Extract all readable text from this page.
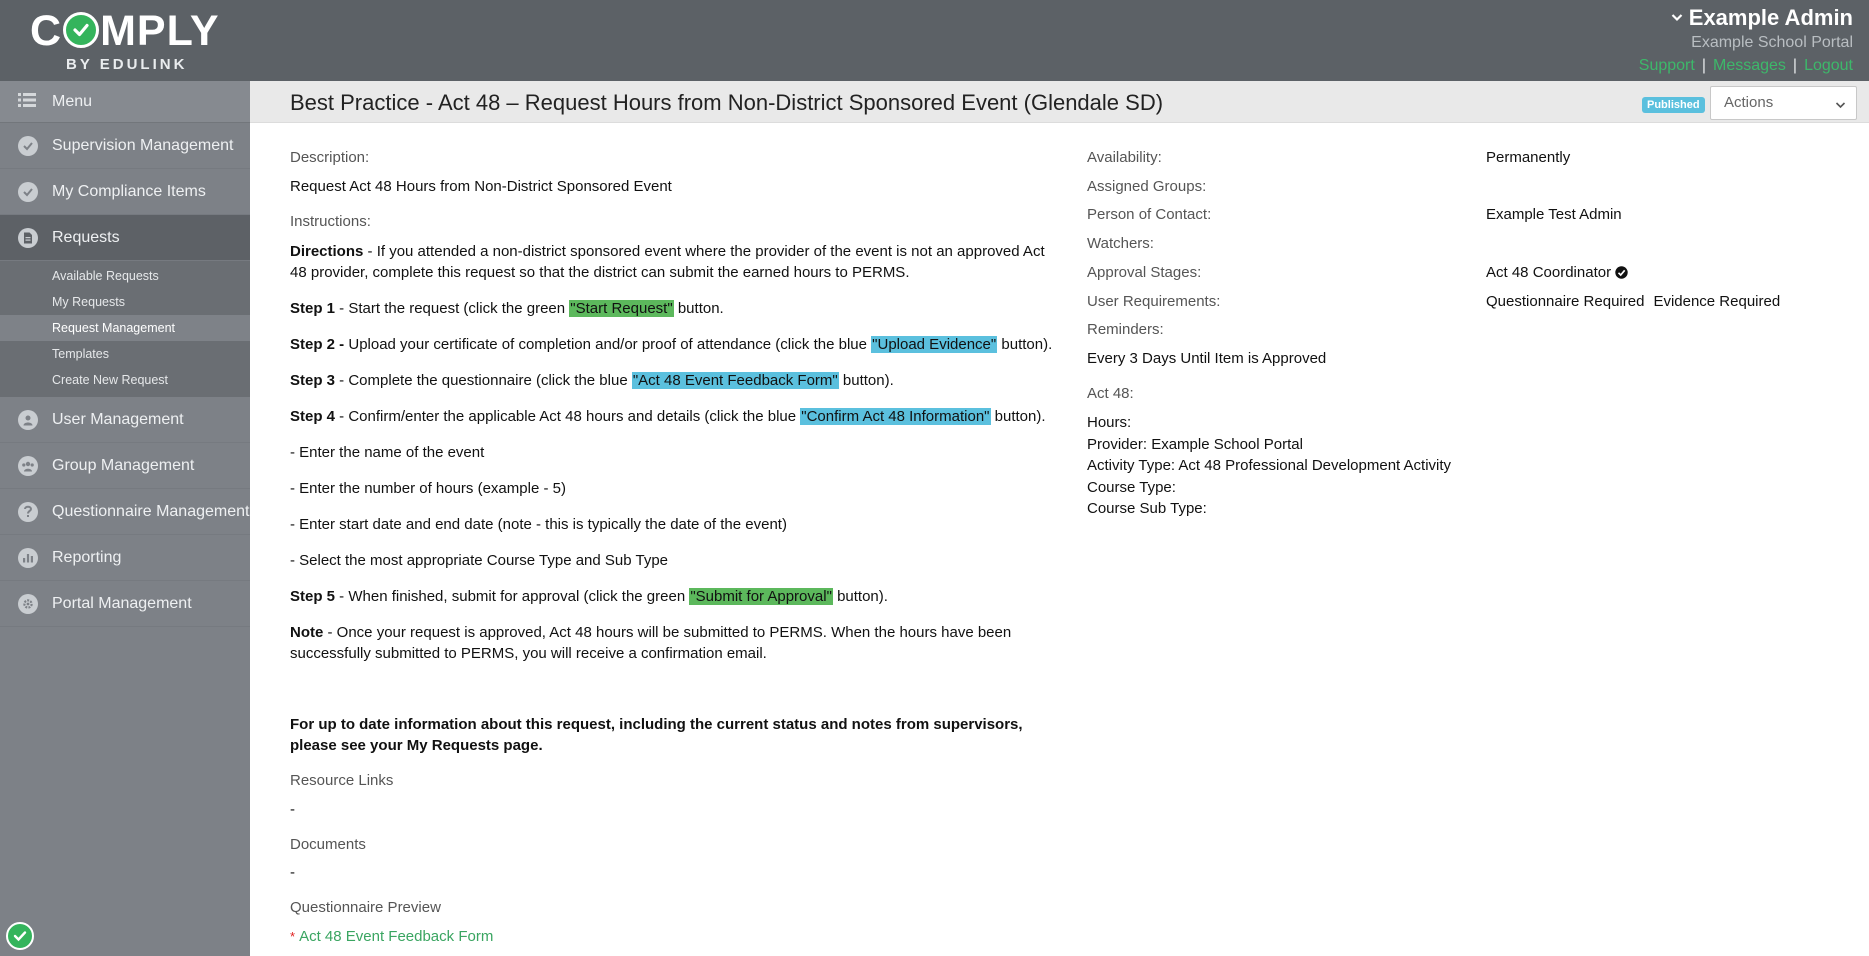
C MPLY
BY EDULINK
Example Admin
Example School Portal
Support | Messages | Logout
Menu
Supervision Management
My Compliance Items
Requests
Available Requests
My Requests
Request Management
Templates
Create New Request
User Management
Group Management
Questionnaire Management
Reporting
Portal Management
Best Practice - Act 48 – Request Hours from Non-District Sponsored Event (Glendale SD)	Published	Actions
Description:
Request Act 48 Hours from Non-District Sponsored Event
Instructions:
Directions - If you attended a non-district sponsored event where the provider of the event is not an approved Act 48 provider, complete this request so that the district can submit the earned hours to PERMS.
Step 1 - Start the request (click the green "Start Request" button.
Step 2 - Upload your certificate of completion and/or proof of attendance (click the blue "Upload Evidence" button).
Step 3 - Complete the questionnaire (click the blue "Act 48 Event Feedback Form" button).
Step 4 - Confirm/enter the applicable Act 48 hours and details (click the blue "Confirm Act 48 Information" button).
- Enter the name of the event
- Enter the number of hours (example - 5)
- Enter start date and end date (note - this is typically the date of the event)
- Select the most appropriate Course Type and Sub Type
Step 5 - When finished, submit for approval (click the green "Submit for Approval" button).
Note - Once your request is approved, Act 48 hours will be submitted to PERMS. When the hours have been successfully submitted to PERMS, you will receive a confirmation email.
For up to date information about this request, including the current status and notes from supervisors, please see your My Requests page.
Resource Links
-
Documents
-
Questionnaire Preview
* Act 48 Event Feedback Form
Availability:	Permanently
Assigned Groups:
Person of Contact:	Example Test Admin
Watchers:
Approval Stages:	Act 48 Coordinator
User Requirements:	Questionnaire Required Evidence Required
Reminders:
Every 3 Days Until Item is Approved
Act 48:
Hours:
Provider: Example School Portal
Activity Type: Act 48 Professional Development Activity
Course Type:
Course Sub Type:
